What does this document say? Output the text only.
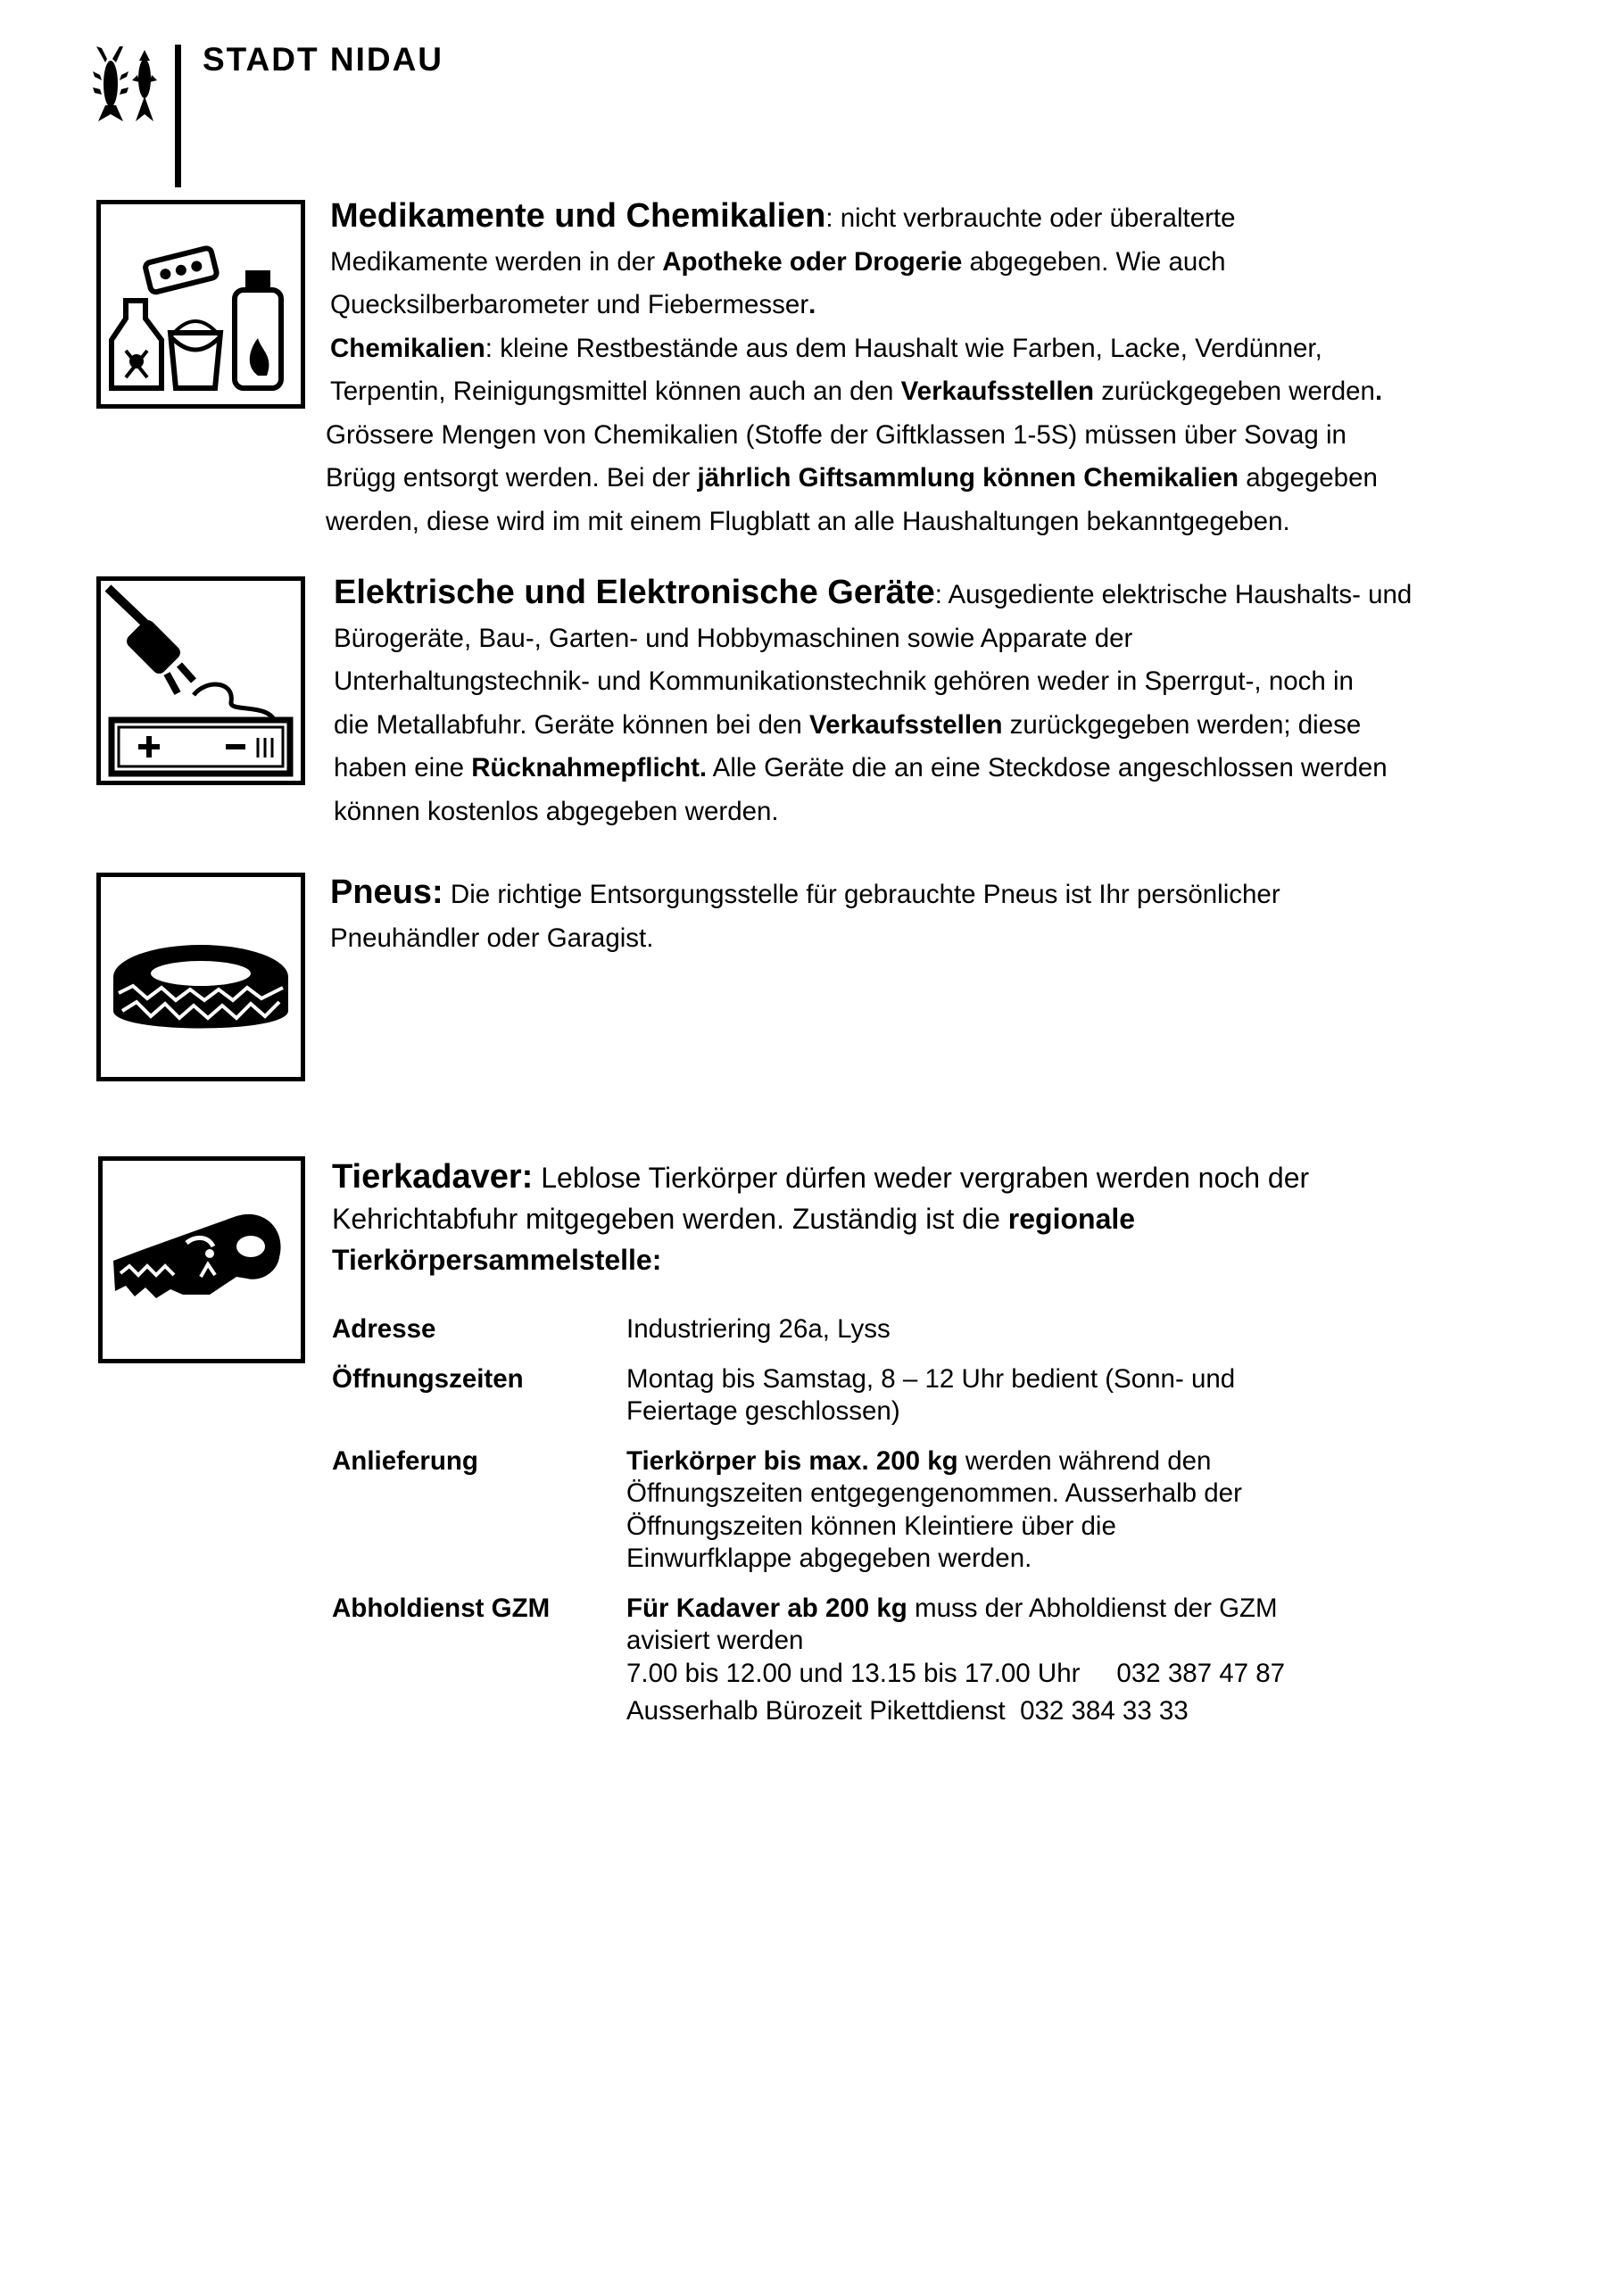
STADT NIDAU
Medikamente und Chemikalien: nicht verbrauchte oder überalterte
Medikamente werden in der Apotheke oder Drogerie abgegeben. Wie auch
Quecksilberbarometer und Fiebermesser.
Chemikalien: kleine Restbestände aus dem Haushalt wie Farben, Lacke, Verdünner,
Terpentin, Reinigungsmittel können auch an den Verkaufsstellen zurückgegeben werden.
Grössere Mengen von Chemikalien (Stoffe der Giftklassen 1-5S) müssen über Sovag in
Brügg entsorgt werden. Bei der jährlich Giftsammlung können Chemikalien abgegeben
werden, diese wird im mit einem Flugblatt an alle Haushaltungen bekanntgegeben.
Elektrische und Elektronische Geräte: Ausgediente elektrische Haushalts- und
Bürogeräte, Bau-, Garten- und Hobbymaschinen sowie Apparate der
Unterhaltungstechnik- und Kommunikationstechnik gehören weder in Sperrgut-, noch in
die Metallabfuhr. Geräte können bei den Verkaufsstellen zurückgegeben werden; diese
haben eine Rücknahmepflicht. Alle Geräte die an eine Steckdose angeschlossen werden
können kostenlos abgegeben werden.
Pneus: Die richtige Entsorgungsstelle für gebrauchte Pneus ist Ihr persönlicher
Pneuhändler oder Garagist.
Tierkadaver: Leblose Tierkörper dürfen weder vergraben werden noch der
Kehrichtabfuhr mitgegeben werden. Zuständig ist die regionale
Tierkörpersammelstelle:
Adresse	Industriering 26a, Lyss
Öffnungszeiten	Montag bis Samstag, 8 – 12 Uhr bedient (Sonn- und
Feiertage geschlossen)
Anlieferung	Tierkörper bis max. 200 kg werden während den
Öffnungszeiten entgegengenommen. Ausserhalb der
Öffnungszeiten können Kleintiere über die
Einwurfklappe abgegeben werden.
Abholdienst GZM	Für Kadaver ab 200 kg muss der Abholdienst der GZM
avisiert werden
7.00 bis 12.00 und 13.15 bis 17.00 Uhr     032 387 47 87
Ausserhalb Bürozeit Pikettdienst  032 384 33 33
